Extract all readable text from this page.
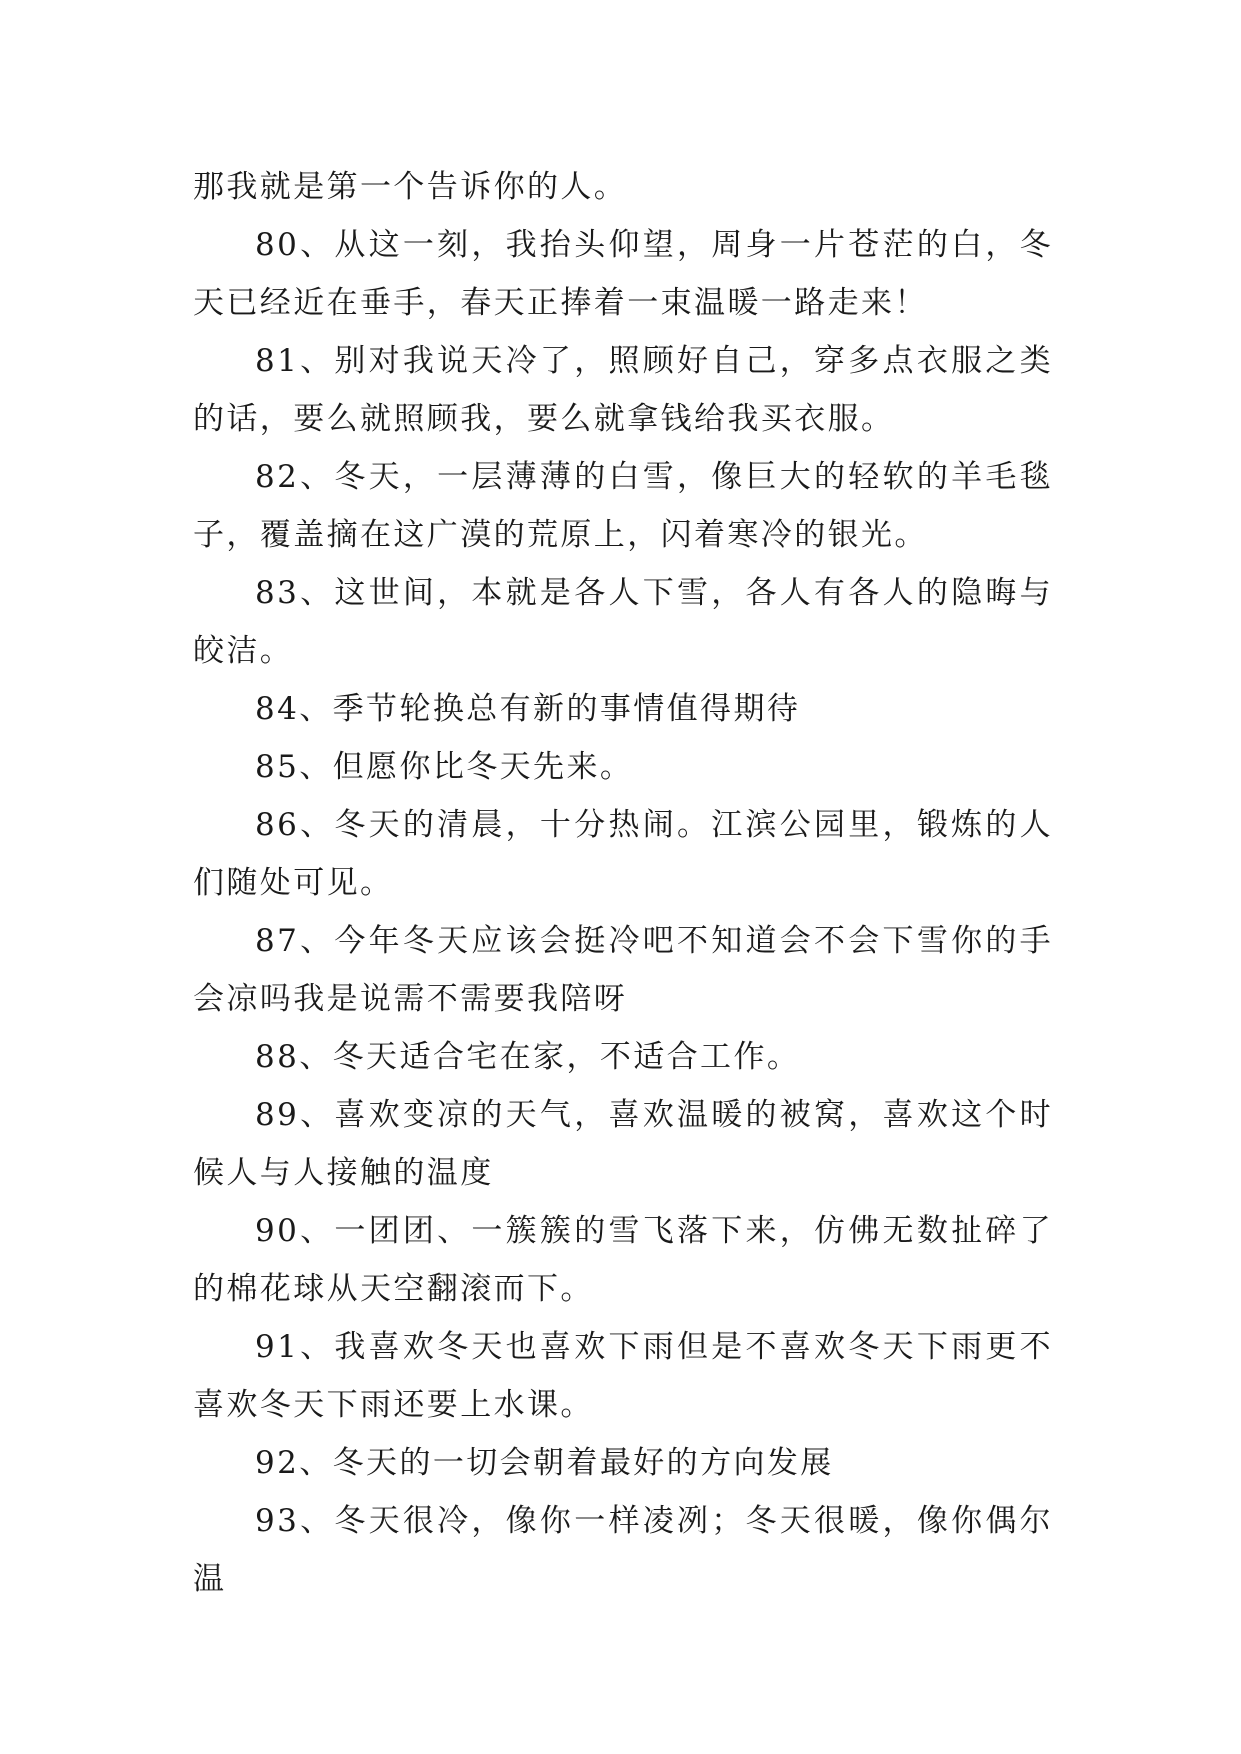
那我就是第一个告诉你的人。

80、从这一刻，我抬头仰望，周身一片苍茫的白，冬天已经近在垂手，春天正捧着一束温暖一路走来！

81、别对我说天冷了，照顾好自己，穿多点衣服之类的话，要么就照顾我，要么就拿钱给我买衣服。

82、冬天，一层薄薄的白雪，像巨大的轻软的羊毛毯子，覆盖摘在这广漠的荒原上，闪着寒冷的银光。

83、这世间，本就是各人下雪，各人有各人的隐晦与皎洁。

84、季节轮换总有新的事情值得期待

85、但愿你比冬天先来。

86、冬天的清晨，十分热闹。江滨公园里，锻炼的人们随处可见。

87、今年冬天应该会挺冷吧不知道会不会下雪你的手会凉吗我是说需不需要我陪呀

88、冬天适合宅在家，不适合工作。

89、喜欢变凉的天气，喜欢温暖的被窝，喜欢这个时候人与人接触的温度

90、一团团、一簇簇的雪飞落下来，仿佛无数扯碎了的棉花球从天空翻滚而下。

91、我喜欢冬天也喜欢下雨但是不喜欢冬天下雨更不喜欢冬天下雨还要上水课。

92、冬天的一切会朝着最好的方向发展

93、冬天很冷，像你一样凌冽；冬天很暖，像你偶尔温
